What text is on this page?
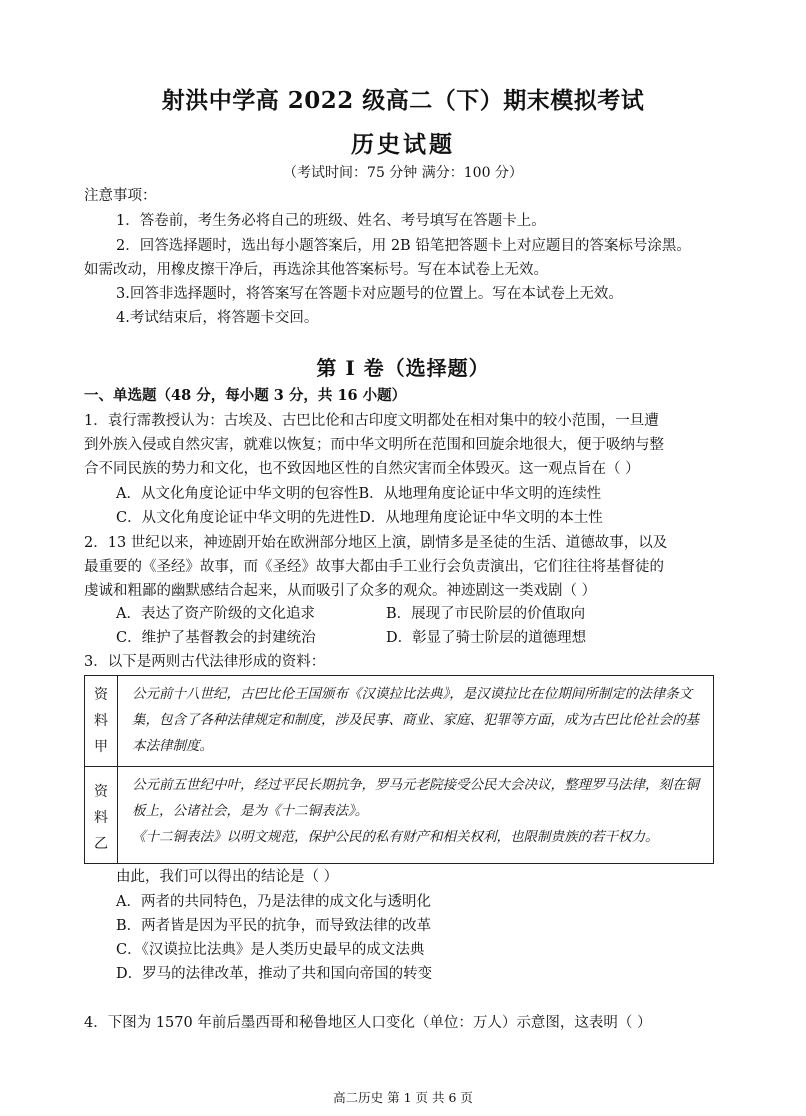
射洪中学高 2022 级高二（下）期末模拟考试
历史试题
（考试时间：75 分钟 满分：100 分）
注意事项：
1．答卷前，考生务必将自己的班级、姓名、考号填写在答题卡上。
2．回答选择题时，选出每小题答案后，用 2B 铅笔把答题卡上对应题目的答案标号涂黑。
如需改动，用橡皮擦干净后，再选涂其他答案标号。写在本试卷上无效。
3.回答非选择题时，将答案写在答题卡对应题号的位置上。写在本试卷上无效。
4.考试结束后，将答题卡交回。
第 I 卷（选择题）
一、单选题（48 分，每小题 3 分，共 16 小题）
1．袁行霈教授认为：古埃及、古巴比伦和古印度文明都处在相对集中的较小范围，一旦遭
到外族入侵或自然灾害，就难以恢复；而中华文明所在范围和回旋余地很大，便于吸纳与整
合不同民族的势力和文化，也不致因地区性的自然灾害而全体毁灭。这一观点旨在（ ）
A．从文化角度论证中华文明的包容性 B．从地理角度论证中华文明的连续性
C．从文化角度论证中华文明的先进性 D．从地理角度论证中华文明的本土性
2．13 世纪以来，神迹剧开始在欧洲部分地区上演，剧情多是圣徒的生活、道德故事，以及
最重要的《圣经》故事，而《圣经》故事大都由手工业行会负责演出，它们往往将基督徒的
虔诚和粗鄙的幽默感结合起来，从而吸引了众多的观众。神迹剧这一类戏剧（ ）
A．表达了资产阶级的文化追求	B．展现了市民阶层的价值取向
C．维护了基督教会的封建统治	D．彰显了骑士阶层的道德理想
3．以下是两则古代法律形成的资料：
资料甲	公元前十八世纪，古巴比伦王国颁布《汉谟拉比法典》，是汉谟拉比在位期间所制定的法律条文集，包含了各种法律规定和制度，涉及民事、商业、家庭、犯罪等方面，成为古巴比伦社会的基本法律制度。

资料乙	公元前五世纪中叶，经过平民长期抗争，罗马元老院接受公民大会决议，整理罗马法律，刻在铜板上，公诸社会，是为《十二铜表法》。
《十二铜表法》以明文规范，保护公民的私有财产和相关权利，也限制贵族的若干权力。
由此，我们可以得出的结论是（ ）
A．两者的共同特色，乃是法律的成文化与透明化
B．两者皆是因为平民的抗争，而导致法律的改革
C．《汉谟拉比法典》是人类历史最早的成文法典
D．罗马的法律改革，推动了共和国向帝国的转变
4．下图为 1570 年前后墨西哥和秘鲁地区人口变化（单位：万人）示意图，这表明（ ）
高二历史 第 1 页 共 6 页
